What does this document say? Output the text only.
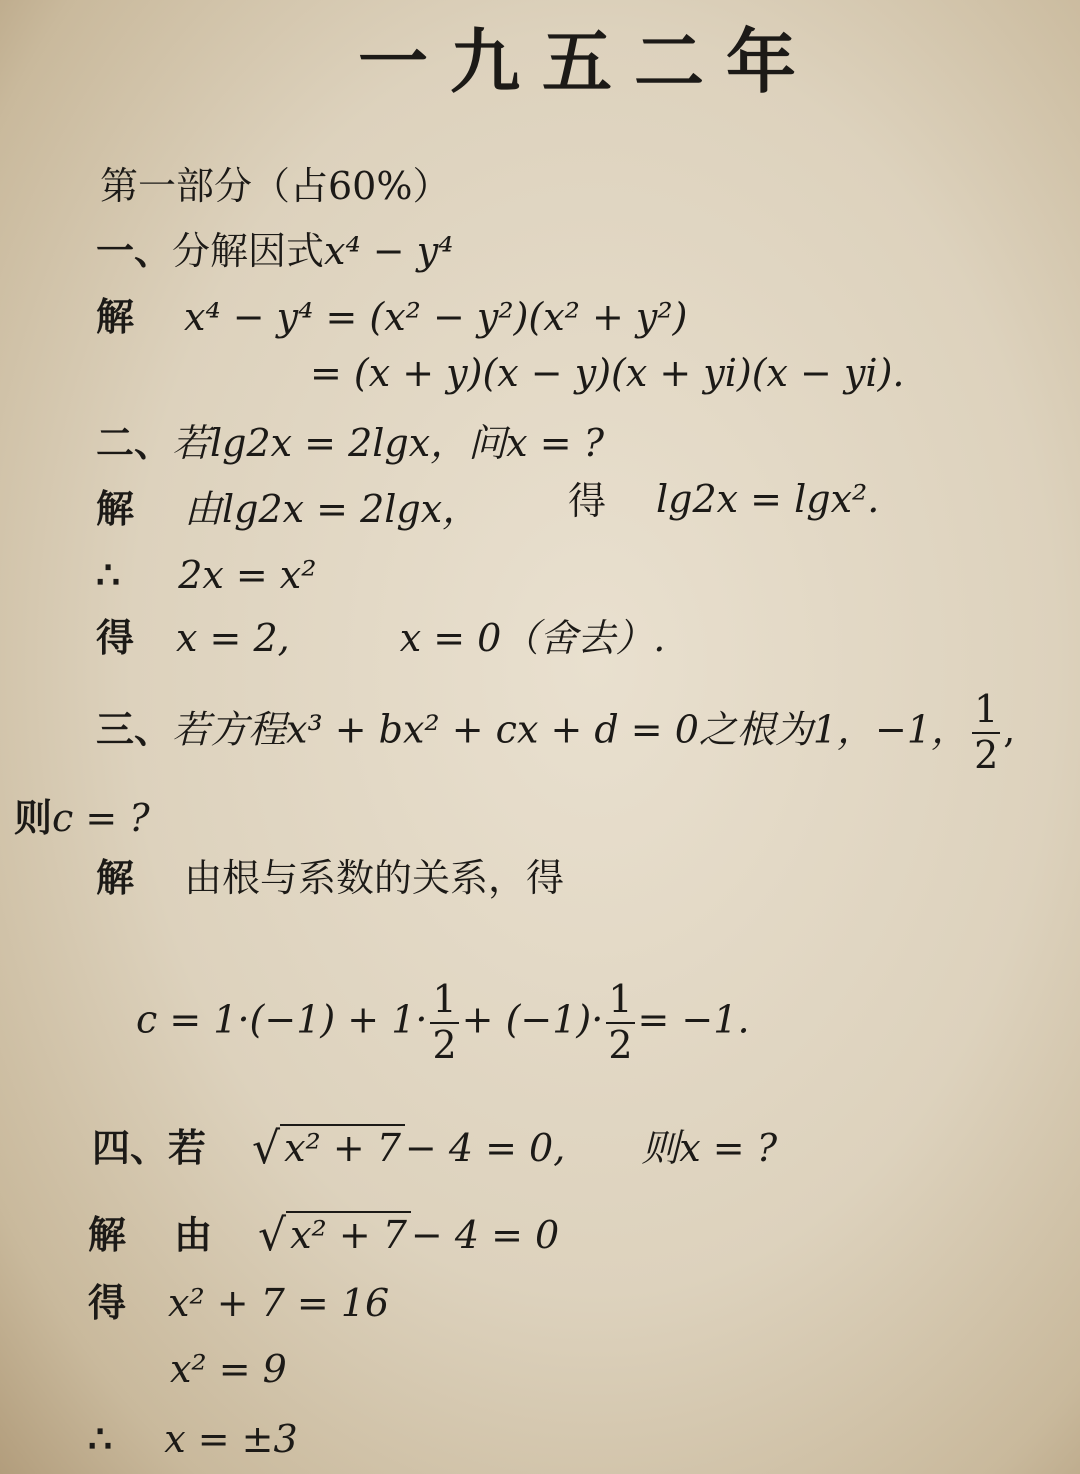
一九五二年
第一部分（占60%）
一、分解因式x⁴ − y⁴
解 x⁴ − y⁴ = (x² − y²)(x² + y²)
= (x + y)(x − y)(x + yi)(x − yi).
二、若lg2x = 2lgx，问x = ?
解 由lg2x = 2lgx， 得 lg2x = lgx².
∴ 2x = x²
得 x = 2,	x = 0（舍去）.
三、若方程x³ + bx² + cx + d = 0之根为1，−1， $\frac{1}{2}$ ,
则c = ?
解 由根与系数的关系，得
$c = 1\cdot(-1) + 1\cdot \frac{1}{2} + (-1)\cdot \frac{1}{2} = -1$.
四、若 √ x² + 7 − 4 = 0, 则x = ?
解 由 √ x² + 7 − 4 = 0
得 x² + 7 = 16
x² = 9
∴ x = ±3
